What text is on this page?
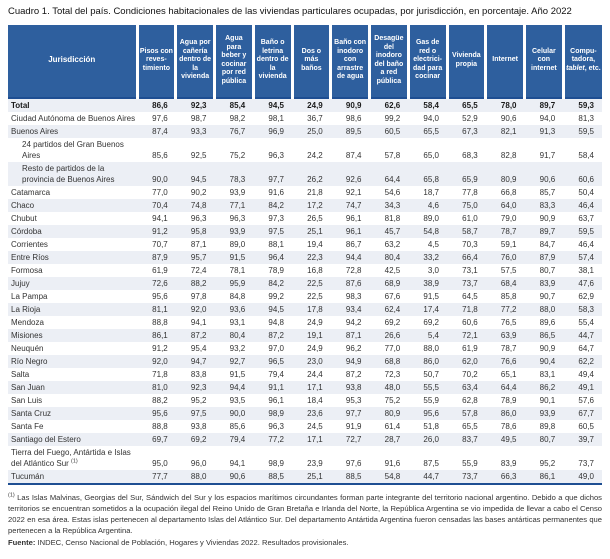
Cuadro 1. Total del país. Condiciones habitacionales de las viviendas particulares ocupadas, por jurisdicción, en porcentaje. Año 2022
Jurisdicción	Pisos con reves-timiento	Agua por cañería dentro de la vivienda	Agua para beber y cocinar por red pública	Baño o letrina dentro de la vivienda	Dos o más baños	Baño con inodoro con arrastre de agua	Desagüe del inodoro del baño a red pública	Gas de red o electrici-dad para cocinar	Vivienda propia	Internet	Celular con internet	Compu-tadora, tablet, etc.
Total	86,6	92,3	85,4	94,5	24,9	90,9	62,6	58,4	65,5	78,0	89,7	59,3
Ciudad Autónoma de Buenos Aires	97,6	98,7	98,2	98,1	36,7	98,6	99,2	94,0	52,9	90,6	94,0	81,3
Buenos Aires	87,4	93,3	76,7	96,9	25,0	89,5	60,5	65,5	67,3	82,1	91,3	59,5
24 partidos del Gran Buenos Aires	85,6	92,5	75,2	96,3	24,2	87,4	57,8	65,0	68,3	82,8	91,7	58,4
Resto de partidos de la provincia de Buenos Aires	90,0	94,5	78,3	97,7	26,2	92,6	64,4	65,8	65,9	80,9	90,6	60,6
Catamarca	77,0	90,2	93,9	91,6	21,8	92,1	54,6	18,7	77,8	66,8	85,7	50,4
Chaco	70,4	74,8	77,1	84,2	17,2	74,7	34,3	4,6	75,0	64,0	83,3	46,4
Chubut	94,1	96,3	96,3	97,3	26,5	96,1	81,8	89,0	61,0	79,0	90,9	63,7
Córdoba	91,2	95,8	93,9	97,5	25,1	96,1	45,7	54,8	58,7	78,7	89,7	59,5
Corrientes	70,7	87,1	89,0	88,1	19,4	86,7	63,2	4,5	70,3	59,1	84,7	46,4
Entre Ríos	87,9	95,7	91,5	96,4	22,3	94,4	80,4	33,2	66,4	76,0	87,9	57,4
Formosa	61,9	72,4	78,1	78,9	16,8	72,8	42,5	3,0	73,1	57,5	80,7	38,1
Jujuy	72,6	88,2	95,9	84,2	22,5	87,6	68,9	38,9	73,7	68,4	83,9	47,6
La Pampa	95,6	97,8	84,8	99,2	22,5	98,3	67,6	91,5	64,5	85,8	90,7	62,9
La Rioja	81,1	92,0	93,6	94,5	17,8	93,4	62,4	17,4	71,8	77,2	88,0	58,3
Mendoza	88,8	94,1	93,1	94,8	24,9	94,2	69,2	69,2	60,6	76,5	89,6	55,4
Misiones	86,1	87,2	80,4	87,2	19,1	87,1	26,6	5,4	72,1	63,9	86,5	44,7
Neuquén	91,2	95,4	93,2	97,0	24,9	96,2	77,0	88,0	61,9	78,7	90,9	64,7
Río Negro	92,0	94,7	92,7	96,5	23,0	94,9	68,8	86,0	62,0	76,6	90,4	62,2
Salta	71,8	83,8	91,5	79,4	24,4	87,2	72,3	50,7	70,2	65,1	83,1	49,4
San Juan	81,0	92,3	94,4	91,1	17,1	93,8	48,0	55,5	63,4	64,4	86,2	49,1
San Luis	88,2	95,2	93,5	96,1	18,4	95,3	75,2	55,9	62,8	78,9	90,1	57,6
Santa Cruz	95,6	97,5	90,0	98,9	23,6	97,7	80,9	95,6	57,8	86,0	93,9	67,7
Santa Fe	88,8	93,8	85,6	96,3	24,5	91,9	61,4	51,8	65,5	78,6	89,8	60,5
Santiago del Estero	69,7	69,2	79,4	77,2	17,1	72,7	28,7	26,0	83,7	49,5	80,7	39,7
Tierra del Fuego, Antártida e Islas del Atlántico Sur $^{(1)}$	95,0	96,0	94,1	98,9	23,9	97,6	91,6	87,5	55,9	83,9	95,2	73,7
Tucumán	77,7	88,0	90,6	88,5	25,1	88,5	54,8	44,7	73,7	66,3	86,1	49,0
$^{(1)}$ Las Islas Malvinas, Georgias del Sur, Sándwich del Sur y los espacios marítimos circundantes forman parte integrante del territorio nacional argentino. Debido a que dichos territorios se encuentran sometidos a la ocupación ilegal del Reino Unido de Gran Bretaña e Irlanda del Norte, la República Argentina se vio impedida de llevar a cabo el Censo 2022 en esa área. Estas islas pertenecen al departamento Islas del Atlántico Sur. Del departamento Antártida Argentina fueron censadas las bases antárticas permanentes que pertenecen a la República Argentina.
Fuente: INDEC, Censo Nacional de Población, Hogares y Viviendas 2022. Resultados provisionales.
